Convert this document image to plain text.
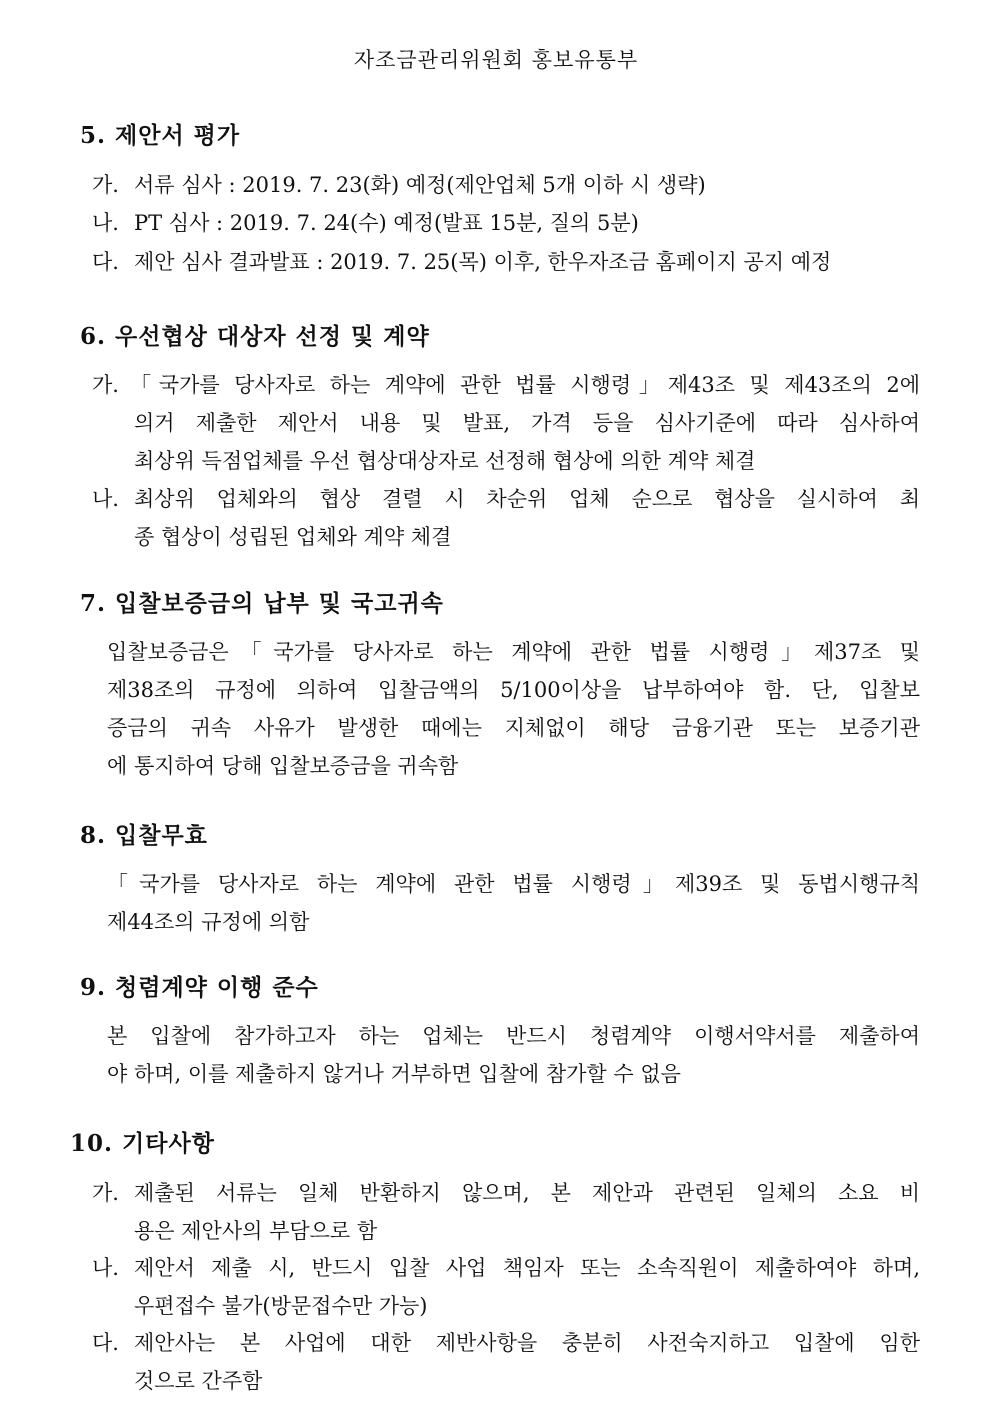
자조금관리위원회 홍보유통부
5. 제안서 평가
가. 서류 심사 : 2019. 7. 23(화) 예정(제안업체 5개 이하 시 생략)
나. PT 심사 : 2019. 7. 24(수) 예정(발표 15분, 질의 5분)
다. 제안 심사 결과발표 : 2019. 7. 25(목) 이후, 한우자조금 홈페이지 공지 예정
6. 우선협상 대상자 선정 및 계약
가. 「국가를 당사자로 하는 계약에 관한 법률 시행령」제43조 및 제43조의 2에
의거 제출한 제안서 내용 및 발표, 가격 등을 심사기준에 따라 심사하여
최상위 득점업체를 우선 협상대상자로 선정해 협상에 의한 계약 체결
나. 최상위 업체와의 협상 결렬 시 차순위 업체 순으로 협상을 실시하여 최
종 협상이 성립된 업체와 계약 체결
7. 입찰보증금의 납부 및 국고귀속
입찰보증금은「국가를 당사자로 하는 계약에 관한 법률 시행령」제37조 및
제38조의 규정에 의하여 입찰금액의 5/100이상을 납부하여야 함. 단, 입찰보
증금의 귀속 사유가 발생한 때에는 지체없이 해당 금융기관 또는 보증기관
에 통지하여 당해 입찰보증금을 귀속함
8. 입찰무효
「국가를 당사자로 하는 계약에 관한 법률 시행령」제39조 및 동법시행규칙
제44조의 규정에 의함
9. 청렴계약 이행 준수
본 입찰에 참가하고자 하는 업체는 반드시 청렴계약 이행서약서를 제출하여
야 하며, 이를 제출하지 않거나 거부하면 입찰에 참가할 수 없음
10. 기타사항
가. 제출된 서류는 일체 반환하지 않으며, 본 제안과 관련된 일체의 소요 비
용은 제안사의 부담으로 함
나. 제안서 제출 시, 반드시 입찰 사업 책임자 또는 소속직원이 제출하여야 하며,
우편접수 불가(방문접수만 가능)
다. 제안사는 본 사업에 대한 제반사항을 충분히 사전숙지하고 입찰에 임한
것으로 간주함
